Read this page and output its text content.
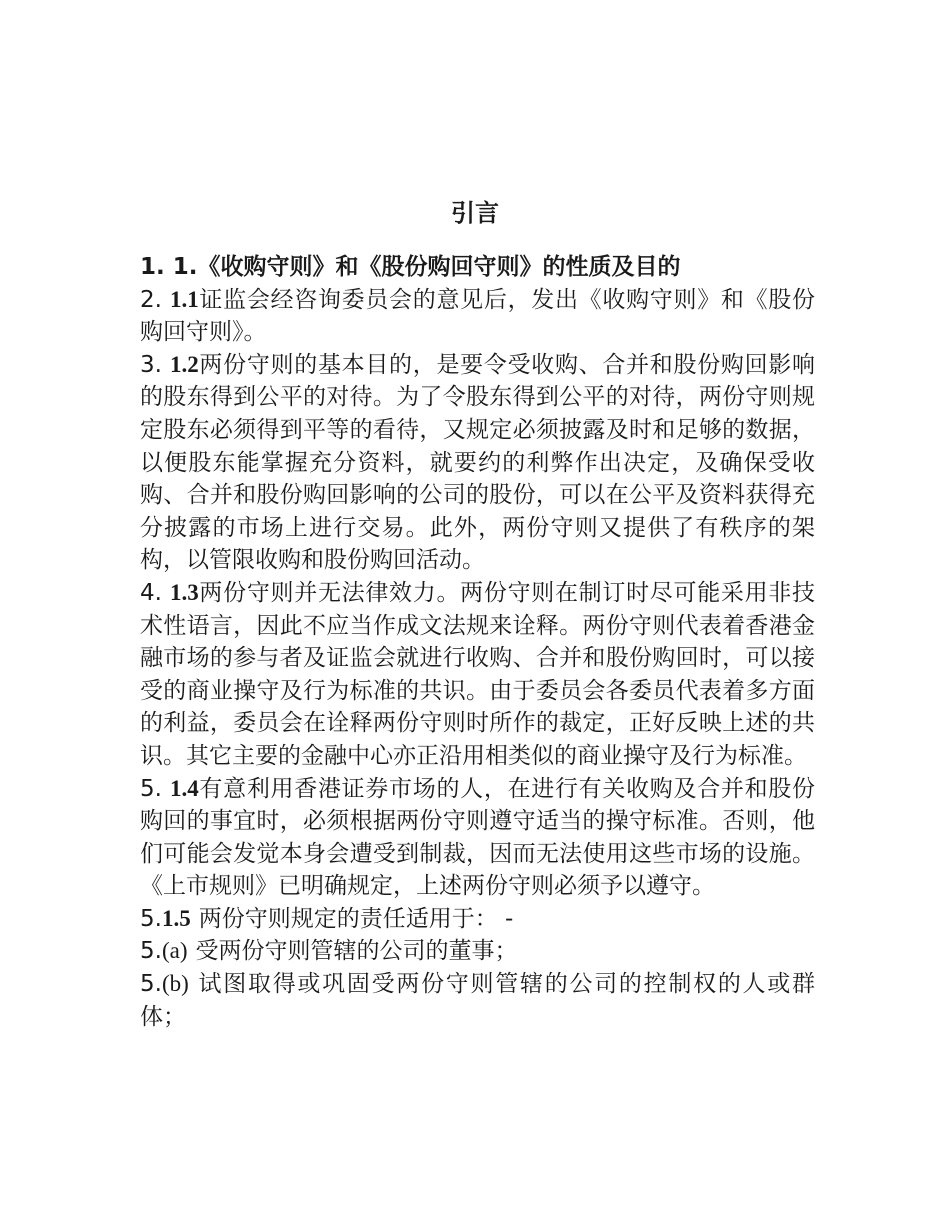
引言

1. 1.《收购守则》和《股份购回守则》的性质及目的

2. 1.1证监会经咨询委员会的意见后，发出《收购守则》和《股份购回守则》。

3. 1.2两份守则的基本目的，是要令受收购、合并和股份购回影响的股东得到公平的对待。为了令股东得到公平的对待，两份守则规定股东必须得到平等的看待，又规定必须披露及时和足够的数据，以便股东能掌握充分资料，就要约的利弊作出决定，及确保受收购、合并和股份购回影响的公司的股份，可以在公平及资料获得充分披露的市场上进行交易。此外，两份守则又提供了有秩序的架构，以管限收购和股份购回活动。

4. 1.3两份守则并无法律效力。两份守则在制订时尽可能采用非技术性语言，因此不应当作成文法规来诠释。两份守则代表着香港金融市场的参与者及证监会就进行收购、合并和股份购回时，可以接受的商业操守及行为标准的共识。由于委员会各委员代表着多方面的利益，委员会在诠释两份守则时所作的裁定，正好反映上述的共识。其它主要的金融中心亦正沿用相类似的商业操守及行为标准。

5. 1.4有意利用香港证券市场的人，在进行有关收购及合并和股份购回的事宜时，必须根据两份守则遵守适当的操守标准。否则，他们可能会发觉本身会遭受到制裁，因而无法使用这些市场的设施。《上市规则》已明确规定，上述两份守则必须予以遵守。

5.1.5 两份守则规定的责任适用于： -

5.(a) 受两份守则管辖的公司的董事；

5.(b) 试图取得或巩固受两份守则管辖的公司的控制权的人或群体；
